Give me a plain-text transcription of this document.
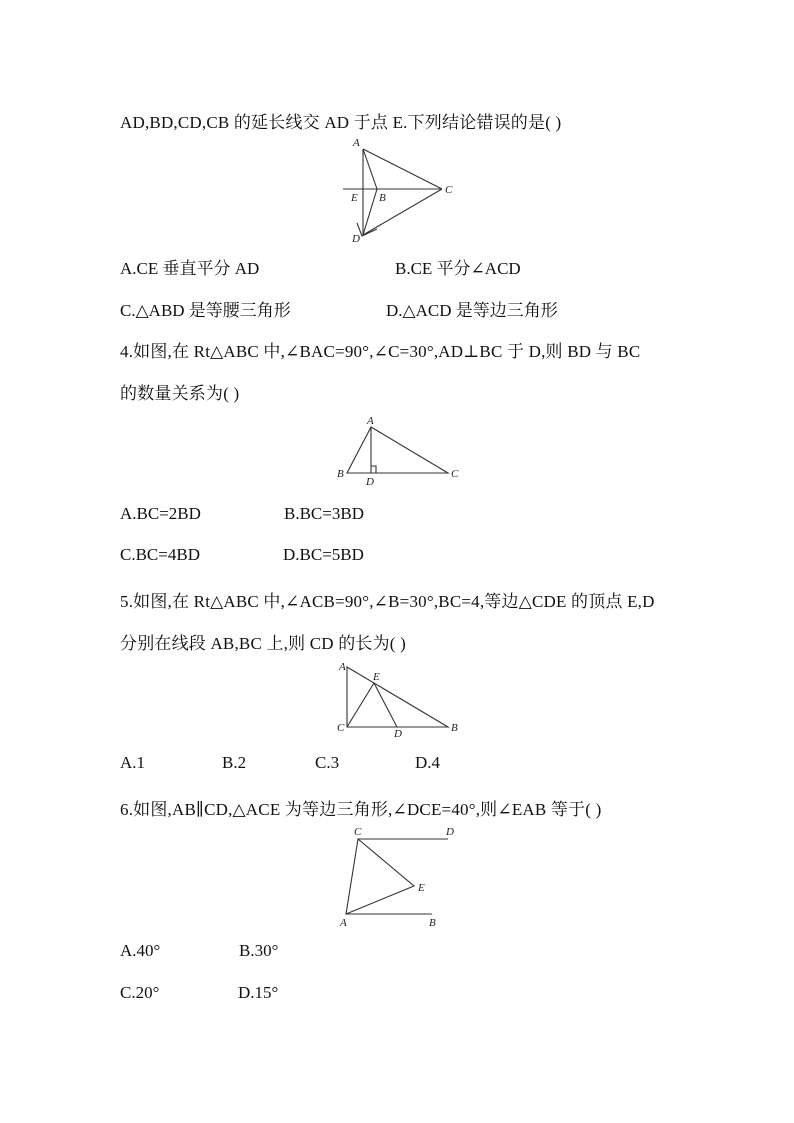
AD,BD,CD,CB 的延长线交 AD 于点 E.下列结论错误的是( )
A
C
E B
D
A.CE 垂直平分 AD	B.CE 平分∠ACD
C.△ABD 是等腰三角形	D.△ACD 是等边三角形
4.如图,在 Rt△ABC 中,∠BAC=90°,∠C=30°,AD⊥BC 于 D,则 BD 与 BC
的数量关系为( )
A
B	C
D
A.BC=2BD	B.BC=3BD
C.BC=4BD	D.BC=5BD
5.如图,在 Rt△ABC 中,∠ACB=90°,∠B=30°,BC=4,等边△CDE 的顶点 E,D
分别在线段 AB,BC 上,则 CD 的长为( )
A
E
C	B
D
A.1	B.2	C.3	D.4
6.如图,AB∥CD,△ACE 为等边三角形,∠DCE=40°,则∠EAB 等于( )
C	D
E
A	B
A.40°	B.30°
C.20°	D.15°
